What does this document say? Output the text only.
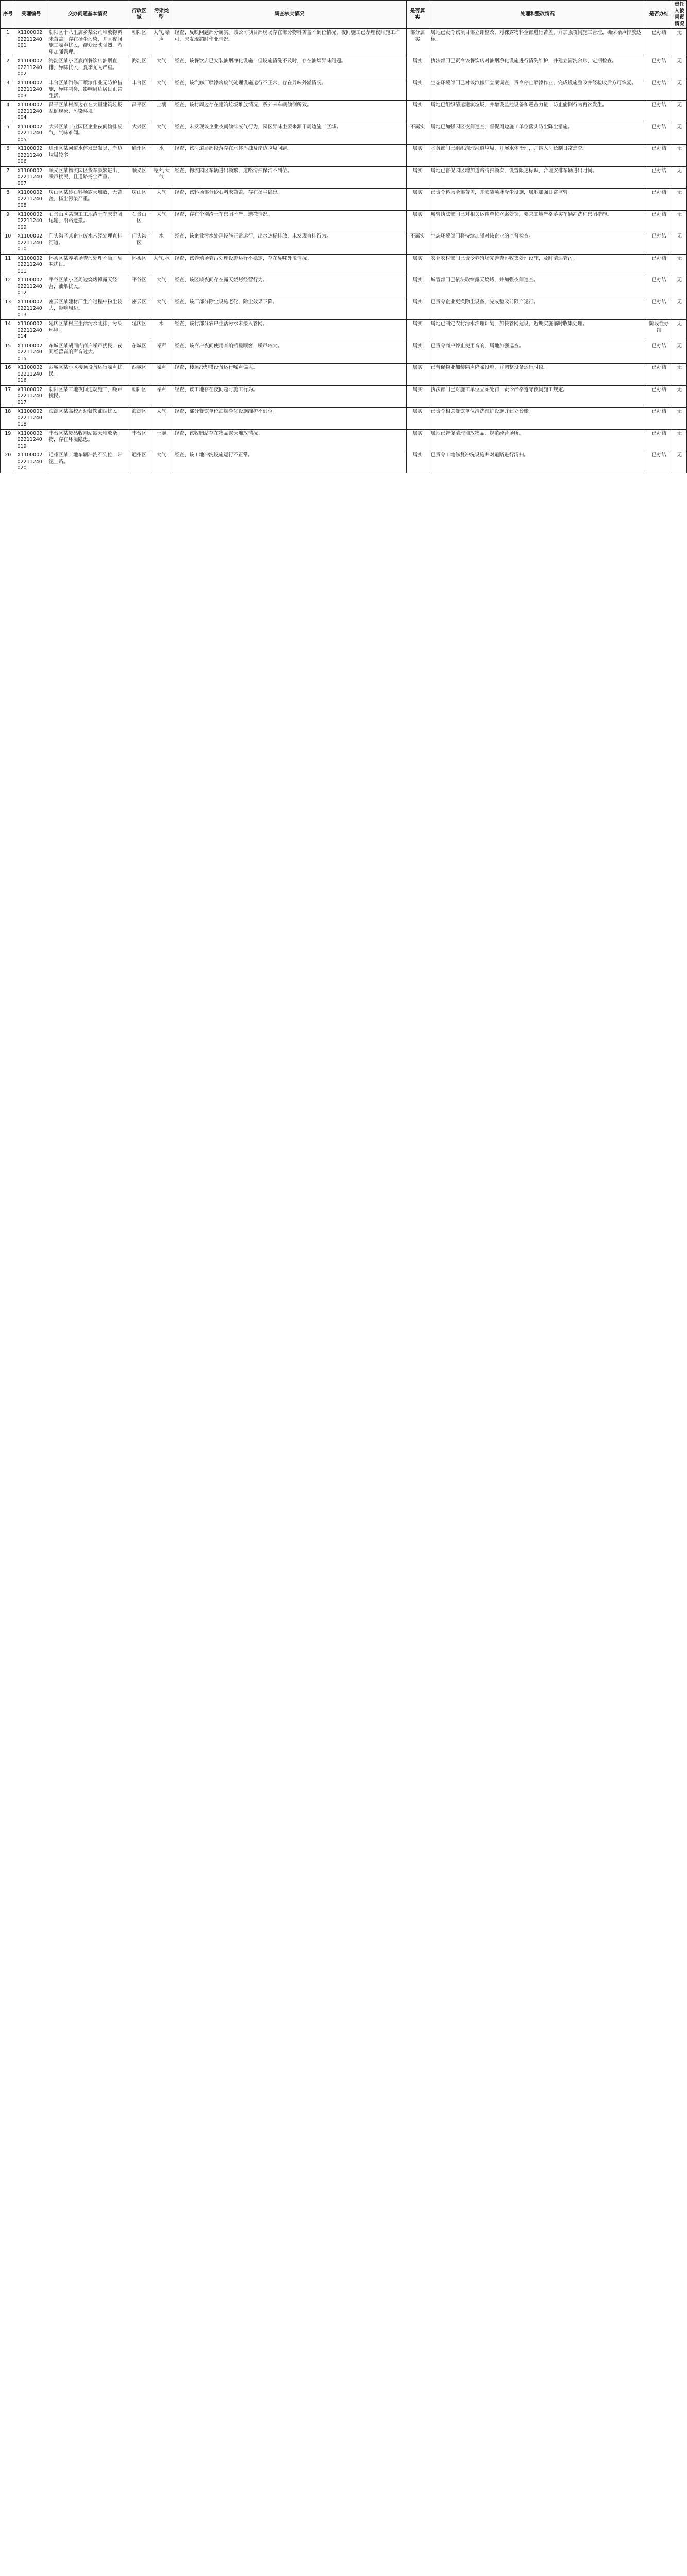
序号	受理编号	交办问题基本情况	行政区域	污染类型	调查核实情况	是否属实	处理和整改情况	是否办结	责任人被问责情况
1	X110000202211240001	朝阳区十八里店乡某公司堆放物料未苫盖，存在扬尘污染，并且夜间施工噪声扰民，群众反映强烈，希望加强管理。	朝阳区	大气,噪声	经查，反映问题部分属实。该公司项目部现场存在部分物料苫盖不到位情况，夜间施工已办理夜间施工许可，未发现超时作业情况。	部分属实	属地已责令该项目部立即整改，对裸露物料全部进行苫盖，并加强夜间施工管理，确保噪声排放达标。	已办结	无
2	X110000202211240002	海淀区某小区底商餐饮店油烟直排，异味扰民，夏季尤为严重。	海淀区	大气	经查，该餐饮店已安装油烟净化设施，但设施清洗不及时，存在油烟异味问题。	属实	执法部门已责令该餐饮店对油烟净化设施进行清洗维护，并建立清洗台账，定期检查。	已办结	无
3	X110000202211240003	丰台区某汽修厂喷漆作业无防护措施，异味刺鼻，影响周边居民正常生活。	丰台区	大气	经查，该汽修厂喷漆房废气处理设施运行不正常，存在异味外溢情况。	属实	生态环境部门已对该汽修厂立案调查，责令停止喷漆作业，完成设施整改并经验收后方可恢复。	已办结	无
4	X110000202211240004	昌平区某村周边存在大量建筑垃圾乱倒现象，污染环境。	昌平区	土壤	经查，该村周边存在建筑垃圾堆放情况，系外来车辆偷倒所致。	属实	属地已组织清运建筑垃圾，并增设监控设备和巡查力量，防止偷倒行为再次发生。	已办结	无
5	X110000202211240005	大兴区某工业园区企业夜间偷排废气，气味难闻。	大兴区	大气	经查，未发现该企业夜间偷排废气行为，园区异味主要来源于周边施工区域。	不属实	属地已加强园区夜间巡查，督促周边施工单位落实防尘降尘措施。	已办结	无
6	X110000202211240006	通州区某河道水体发黑发臭，岸边垃圾较多。	通州区	水	经查，该河道局部段落存在水体浑浊及岸边垃圾问题。	属实	水务部门已组织清理河道垃圾，开展水体治理，并纳入河长制日常巡查。	已办结	无
7	X110000202211240007	顺义区某物流园区货车频繁进出，噪声扰民，且道路扬尘严重。	顺义区	噪声,大气	经查，物流园区车辆进出频繁，道路清扫保洁不到位。	属实	属地已督促园区增加道路清扫频次，设置限速标识，合理安排车辆进出时间。	已办结	无
8	X110000202211240008	房山区某砂石料场露天堆放，无苫盖，扬尘污染严重。	房山区	大气	经查，该料场部分砂石料未苫盖，存在扬尘隐患。	属实	已责令料场全部苫盖，并安装喷淋降尘设施，属地加强日常监管。	已办结	无
9	X110000202211240009	石景山区某施工工地渣土车未密闭运输，沿路遗撒。	石景山区	大气	经查，存在个别渣土车密闭不严、遗撒情况。	属实	城管执法部门已对相关运输单位立案处罚，要求工地严格落实车辆冲洗和密闭措施。	已办结	无
10	X110000202211240010	门头沟区某企业废水未经处理直排河道。	门头沟区	水	经查，该企业污水处理设施正常运行，出水达标排放，未发现直排行为。	不属实	生态环境部门将持续加强对该企业的监督检查。	已办结	无
11	X110000202211240011	怀柔区某养殖场粪污处理不当，臭味扰民。	怀柔区	大气,水	经查，该养殖场粪污处理设施运行不稳定，存在臭味外溢情况。	属实	农业农村部门已责令养殖场完善粪污收集处理设施，及时清运粪污。	已办结	无
12	X110000202211240012	平谷区某小区周边烧烤摊露天经营，油烟扰民。	平谷区	大气	经查，该区域夜间存在露天烧烤经营行为。	属实	城管部门已依法取缔露天烧烤，并加强夜间巡查。	已办结	无
13	X110000202211240013	密云区某建材厂生产过程中粉尘较大，影响周边。	密云区	大气	经查，该厂部分除尘设施老化，除尘效果下降。	属实	已责令企业更换除尘设备，完成整改前限产运行。	已办结	无
14	X110000202211240014	延庆区某村庄生活污水乱排，污染环境。	延庆区	水	经查，该村部分农户生活污水未接入管网。	属实	属地已制定农村污水治理计划，加快管网建设，近期实施临时收集处理。	阶段性办结	无
15	X110000202211240015	东城区某胡同内商户噪声扰民，夜间经营音响声音过大。	东城区	噪声	经查，该商户夜间使用音响招揽顾客，噪声较大。	属实	已责令商户停止使用音响，属地加强巡查。	已办结	无
16	X110000202211240016	西城区某小区楼顶设备运行噪声扰民。	西城区	噪声	经查，楼顶冷却塔设备运行噪声偏大。	属实	已督促物业加装隔声降噪设施，并调整设备运行时段。	已办结	无
17	X110000202211240017	朝阳区某工地夜间违规施工，噪声扰民。	朝阳区	噪声	经查，该工地存在夜间超时施工行为。	属实	执法部门已对施工单位立案处罚，责令严格遵守夜间施工规定。	已办结	无
18	X110000202211240018	海淀区某高校周边餐饮油烟扰民。	海淀区	大气	经查，部分餐饮单位油烟净化设施维护不到位。	属实	已责令相关餐饮单位清洗维护设施并建立台账。	已办结	无
19	X110000202211240019	丰台区某废品收购站露天堆放杂物，存在环境隐患。	丰台区	土壤	经查，该收购站存在物品露天堆放情况。	属实	属地已督促清理堆放物品，规范经营场所。	已办结	无
20	X110000202211240020	通州区某工地车辆冲洗不到位，带泥上路。	通州区	大气	经查，该工地冲洗设施运行不正常。	属实	已责令工地修复冲洗设施并对道路进行清扫。	已办结	无
